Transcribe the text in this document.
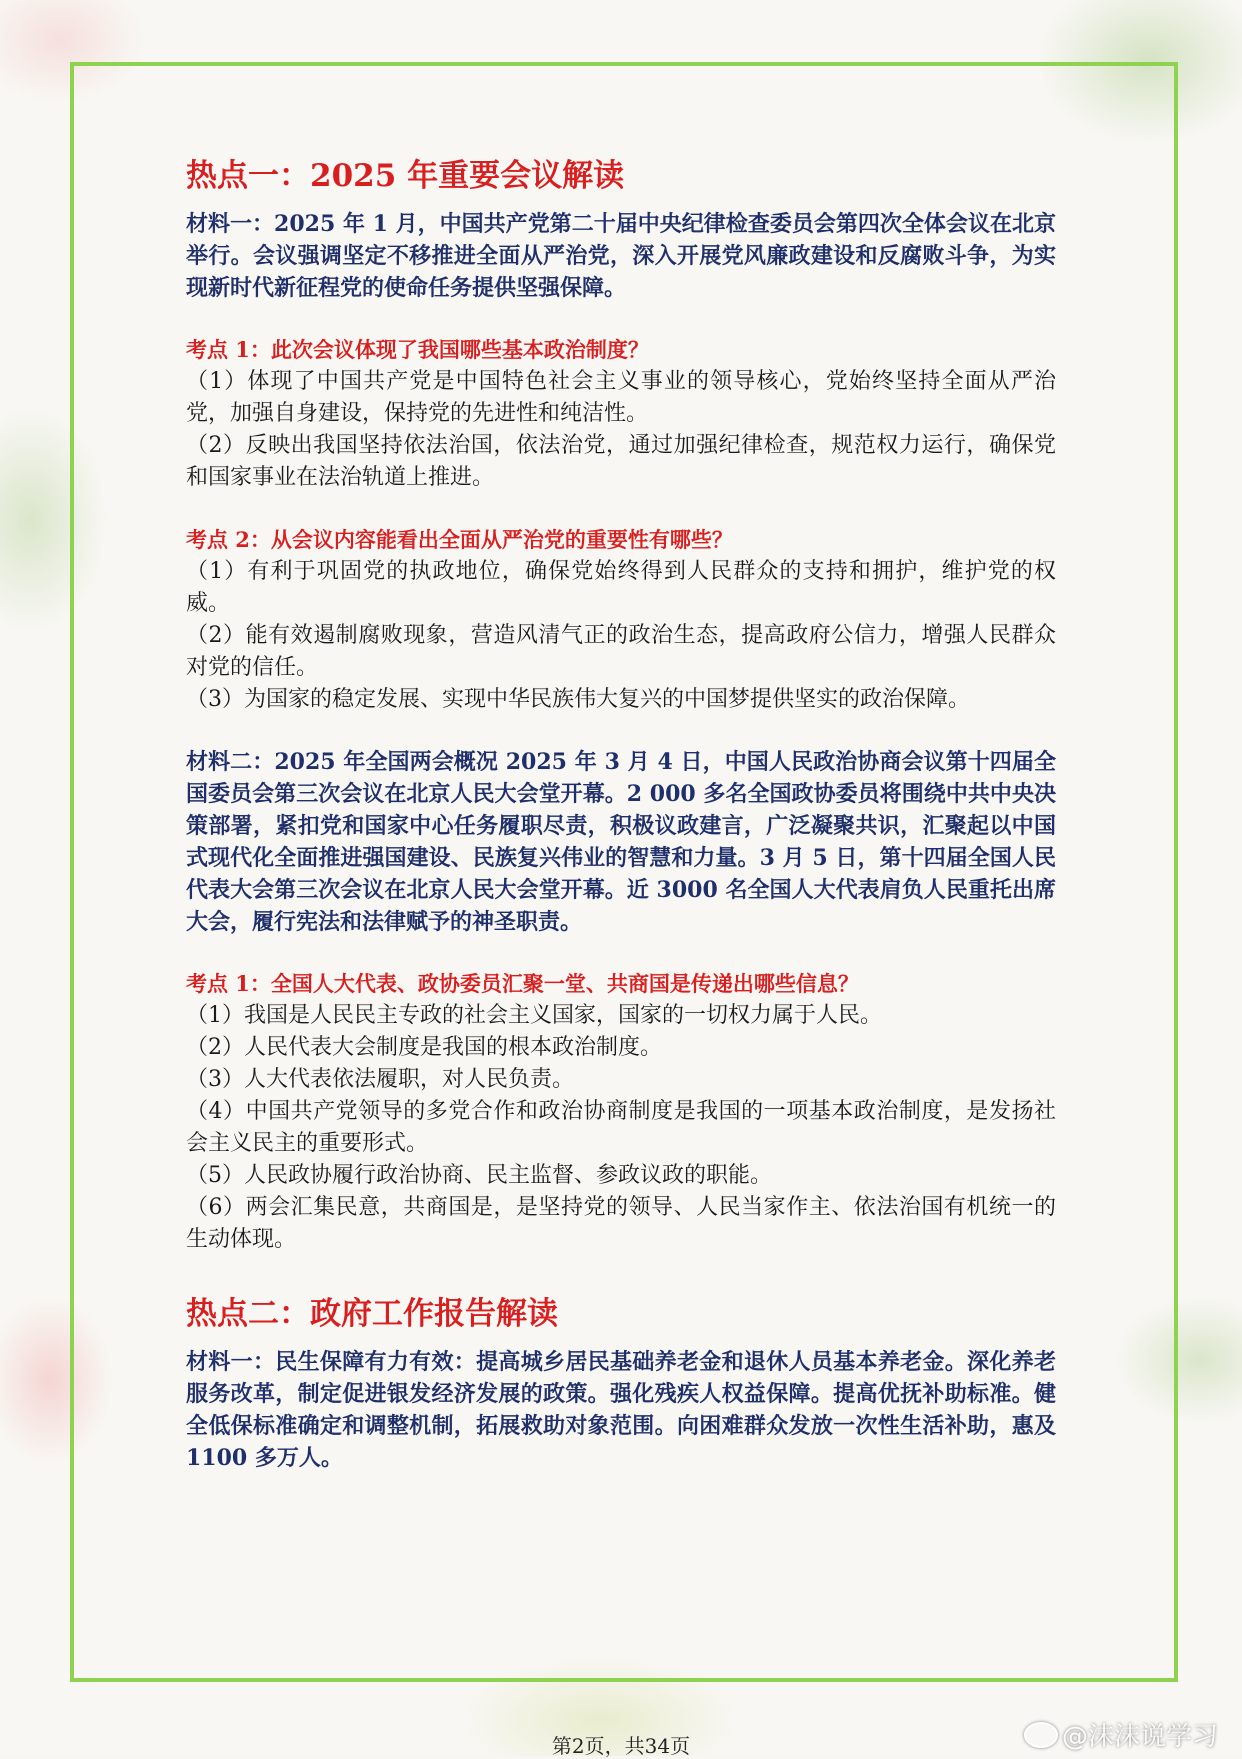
热点一：2025 年重要会议解读

材料一：2025 年 1 月，中国共产党第二十届中央纪律检查委员会第四次全体会议在北京举行。会议强调坚定不移推进全面从严治党，深入开展党风廉政建设和反腐败斗争，为实现新时代新征程党的使命任务提供坚强保障。

考点 1：此次会议体现了我国哪些基本政治制度？

（1）体现了中国共产党是中国特色社会主义事业的领导核心，党始终坚持全面从严治党，加强自身建设，保持党的先进性和纯洁性。

（2）反映出我国坚持依法治国，依法治党，通过加强纪律检查，规范权力运行，确保党和国家事业在法治轨道上推进。

考点 2：从会议内容能看出全面从严治党的重要性有哪些？

（1）有利于巩固党的执政地位，确保党始终得到人民群众的支持和拥护，维护党的权威。

（2）能有效遏制腐败现象，营造风清气正的政治生态，提高政府公信力，增强人民群众对党的信任。

（3）为国家的稳定发展、实现中华民族伟大复兴的中国梦提供坚实的政治保障。

材料二：2025 年全国两会概况 2025 年 3 月 4 日，中国人民政治协商会议第十四届全国委员会第三次会议在北京人民大会堂开幕。2 000 多名全国政协委员将围绕中共中央决策部署，紧扣党和国家中心任务履职尽责，积极议政建言，广泛凝聚共识，汇聚起以中国式现代化全面推进强国建设、民族复兴伟业的智慧和力量。3 月 5 日，第十四届全国人民代表大会第三次会议在北京人民大会堂开幕。近 3000 名全国人大代表肩负人民重托出席大会，履行宪法和法律赋予的神圣职责。

考点 1：全国人大代表、政协委员汇聚一堂、共商国是传递出哪些信息？

（1）我国是人民民主专政的社会主义国家，国家的一切权力属于人民。

（2）人民代表大会制度是我国的根本政治制度。

（3）人大代表依法履职，对人民负责。

（4）中国共产党领导的多党合作和政治协商制度是我国的一项基本政治制度，是发扬社会主义民主的重要形式。

（5）人民政协履行政治协商、民主监督、参政议政的职能。

（6）两会汇集民意，共商国是，是坚持党的领导、人民当家作主、依法治国有机统一的生动体现。

热点二：政府工作报告解读

材料一：民生保障有力有效：提高城乡居民基础养老金和退休人员基本养老金。深化养老服务改革，制定促进银发经济发展的政策。强化残疾人权益保障。提高优抚补助标准。健全低保标准确定和调整机制，拓展救助对象范围。向困难群众发放一次性生活补助，惠及 1100 多万人。

第2页，共34页	@沫沫说学习
